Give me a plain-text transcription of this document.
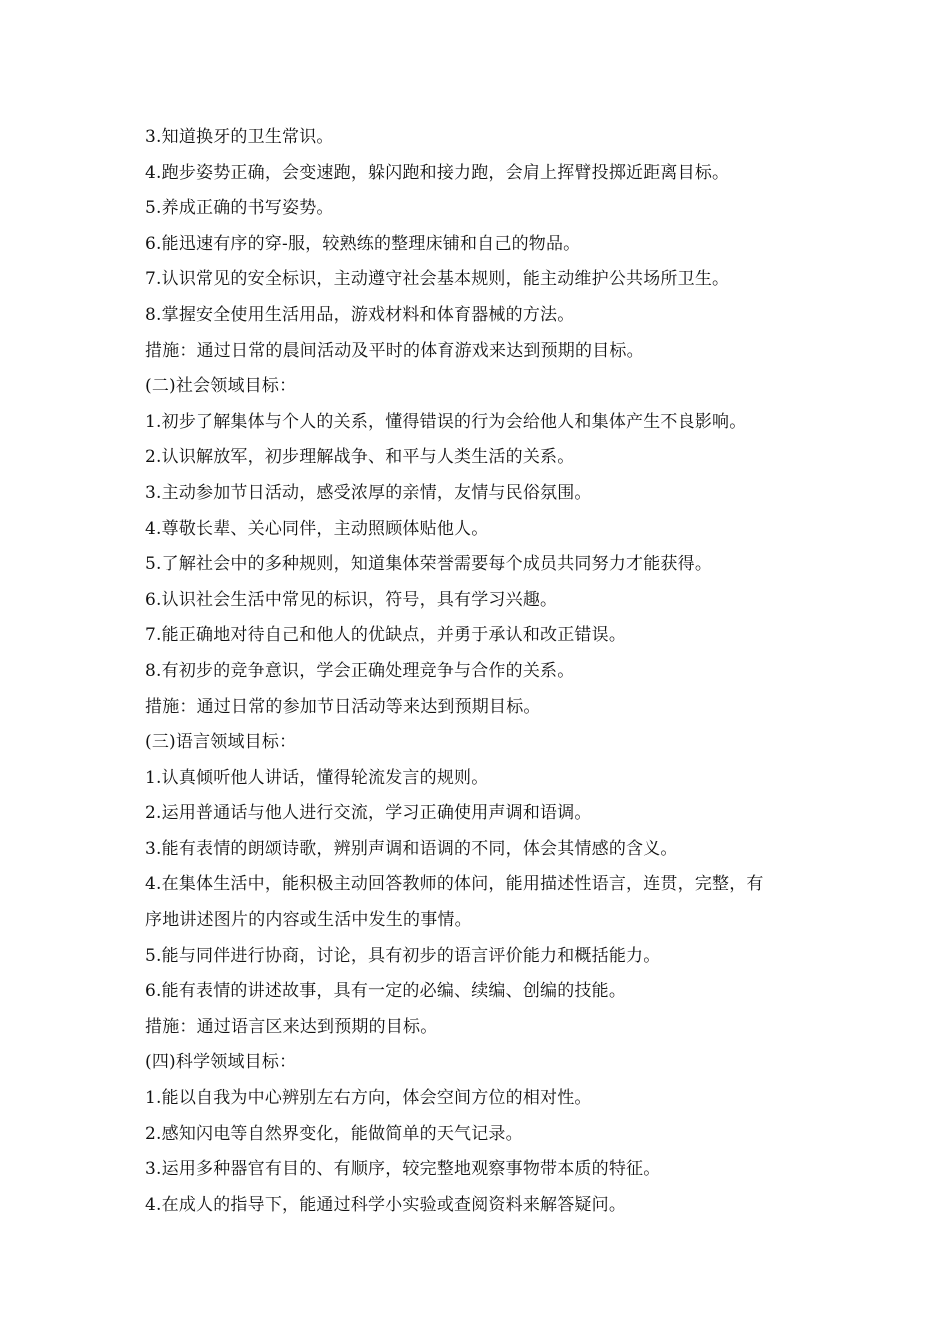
3.知道换牙的卫生常识。
4.跑步姿势正确，会变速跑，躲闪跑和接力跑，会肩上挥臂投掷近距离目标。
5.养成正确的书写姿势。
6.能迅速有序的穿-服，较熟练的整理床铺和自己的物品。
7.认识常见的安全标识，主动遵守社会基本规则，能主动维护公共场所卫生。
8.掌握安全使用生活用品，游戏材料和体育器械的方法。
措施：通过日常的晨间活动及平时的体育游戏来达到预期的目标。
(二)社会领域目标：
1.初步了解集体与个人的关系，懂得错误的行为会给他人和集体产生不良影响。
2.认识解放军，初步理解战争、和平与人类生活的关系。
3.主动参加节日活动，感受浓厚的亲情，友情与民俗氛围。
4.尊敬长辈、关心同伴，主动照顾体贴他人。
5.了解社会中的多种规则，知道集体荣誉需要每个成员共同努力才能获得。
6.认识社会生活中常见的标识，符号，具有学习兴趣。
7.能正确地对待自己和他人的优缺点，并勇于承认和改正错误。
8.有初步的竞争意识，学会正确处理竞争与合作的关系。
措施：通过日常的参加节日活动等来达到预期目标。
(三)语言领域目标：
1.认真倾听他人讲话，懂得轮流发言的规则。
2.运用普通话与他人进行交流，学习正确使用声调和语调。
3.能有表情的朗颂诗歌，辨别声调和语调的不同，体会其情感的含义。
4.在集体生活中，能积极主动回答教师的体问，能用描述性语言，连贯，完整，有
序地讲述图片的内容或生活中发生的事情。
5.能与同伴进行协商，讨论，具有初步的语言评价能力和概括能力。
6.能有表情的讲述故事，具有一定的必编、续编、创编的技能。
措施：通过语言区来达到预期的目标。
(四)科学领域目标：
1.能以自我为中心辨别左右方向，体会空间方位的相对性。
2.感知闪电等自然界变化，能做简单的天气记录。
3.运用多种器官有目的、有顺序，较完整地观察事物带本质的特征。
4.在成人的指导下，能通过科学小实验或查阅资料来解答疑问。
